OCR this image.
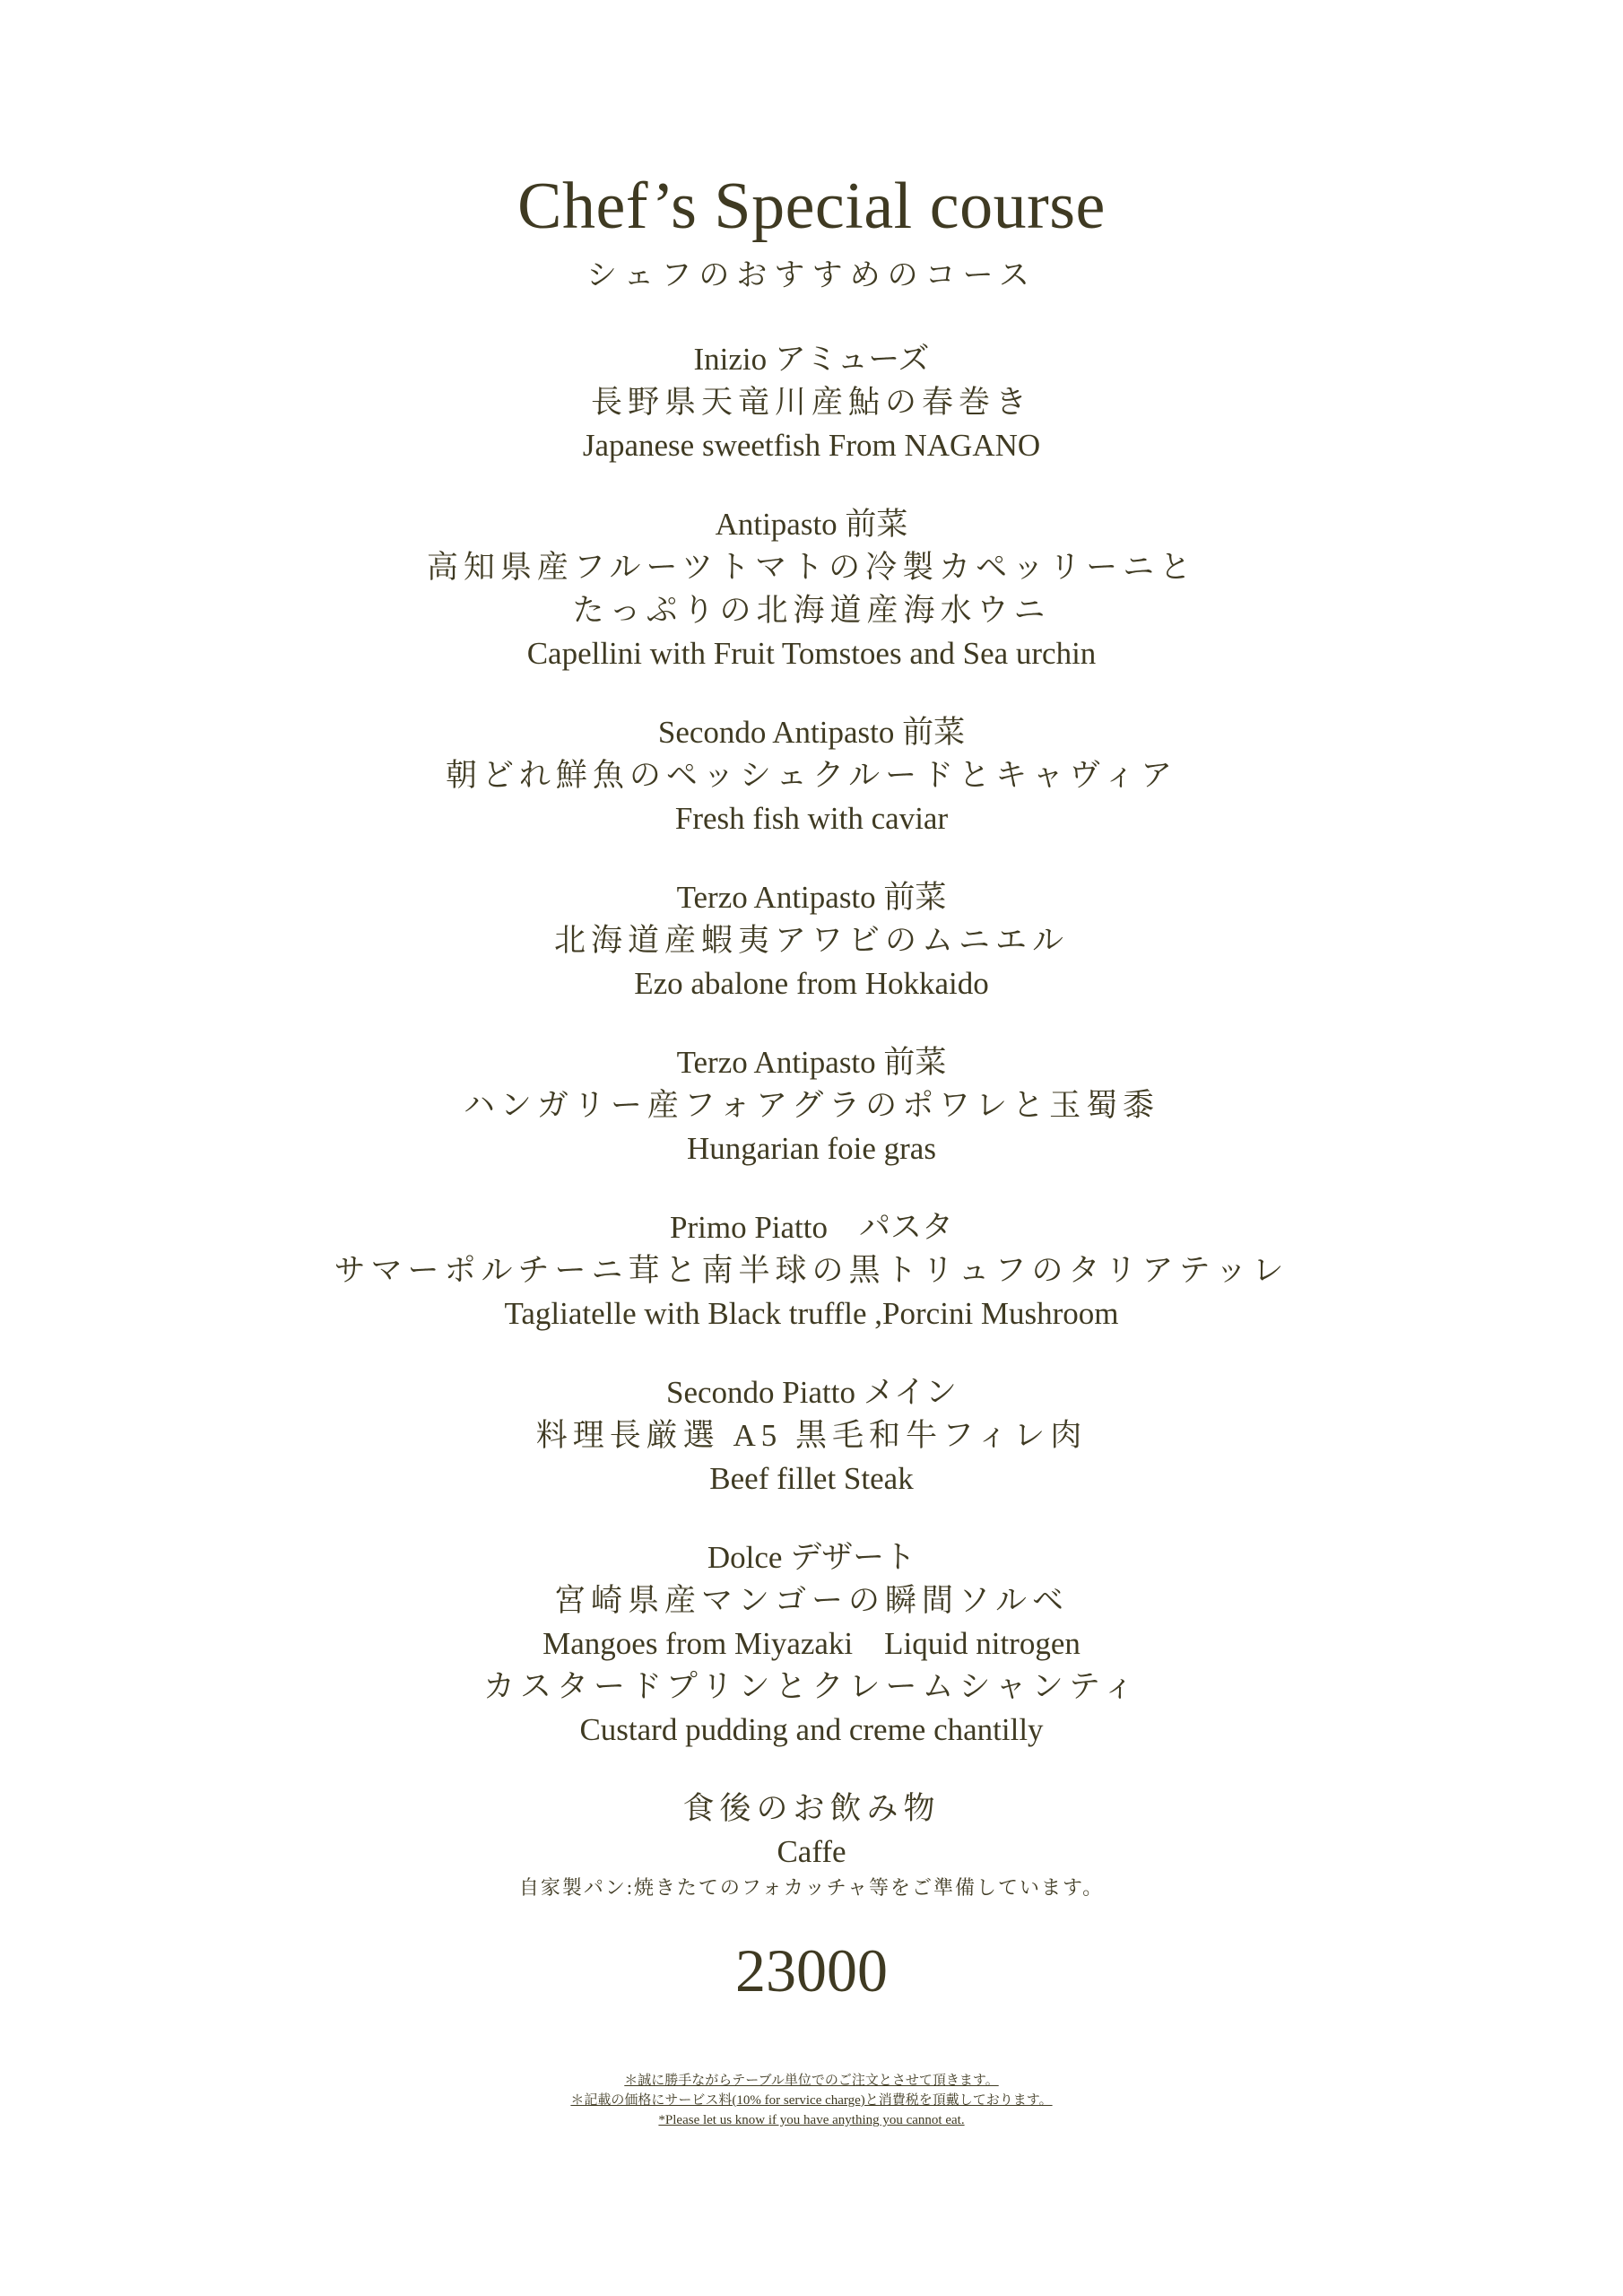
Chef’s Special course
シェフのおすすめのコース
Inizio アミューズ
長野県天竜川産鮎の春巻き
Japanese sweetfish From NAGANO
Antipasto 前菜
高知県産フルーツトマトの冷製カペッリーニと
たっぷりの北海道産海水ウニ
Capellini with Fruit Tomstoes and Sea urchin
Secondo Antipasto 前菜
朝どれ鮮魚のペッシェクルードとキャヴィア
Fresh fish with caviar
Terzo Antipasto 前菜
北海道産蝦夷アワビのムニエル
Ezo abalone from Hokkaido
Terzo Antipasto 前菜
ハンガリー産フォアグラのポワレと玉蜀黍
Hungarian foie gras
Primo Piatto　パスタ
サマーポルチーニ茸と南半球の黒トリュフのタリアテッレ
Tagliatelle with Black truffle ,Porcini Mushroom
Secondo Piatto メイン
料理長厳選 A5 黒毛和牛フィレ肉
Beef fillet Steak
Dolce デザート
宮崎県産マンゴーの瞬間ソルベ
Mangoes from Miyazaki　Liquid nitrogen
カスタードプリンとクレームシャンティ
Custard pudding and creme chantilly
食後のお飲み物
Caffe
自家製パン:焼きたてのフォカッチャ等をご準備しています。
23000
＊誠に勝手ながらテーブル単位でのご注文とさせて頂きます。
＊記載の価格にサービス料(10% for service charge)と消費税を頂戴しております。
*Please let us know if you have anything you cannot eat.
